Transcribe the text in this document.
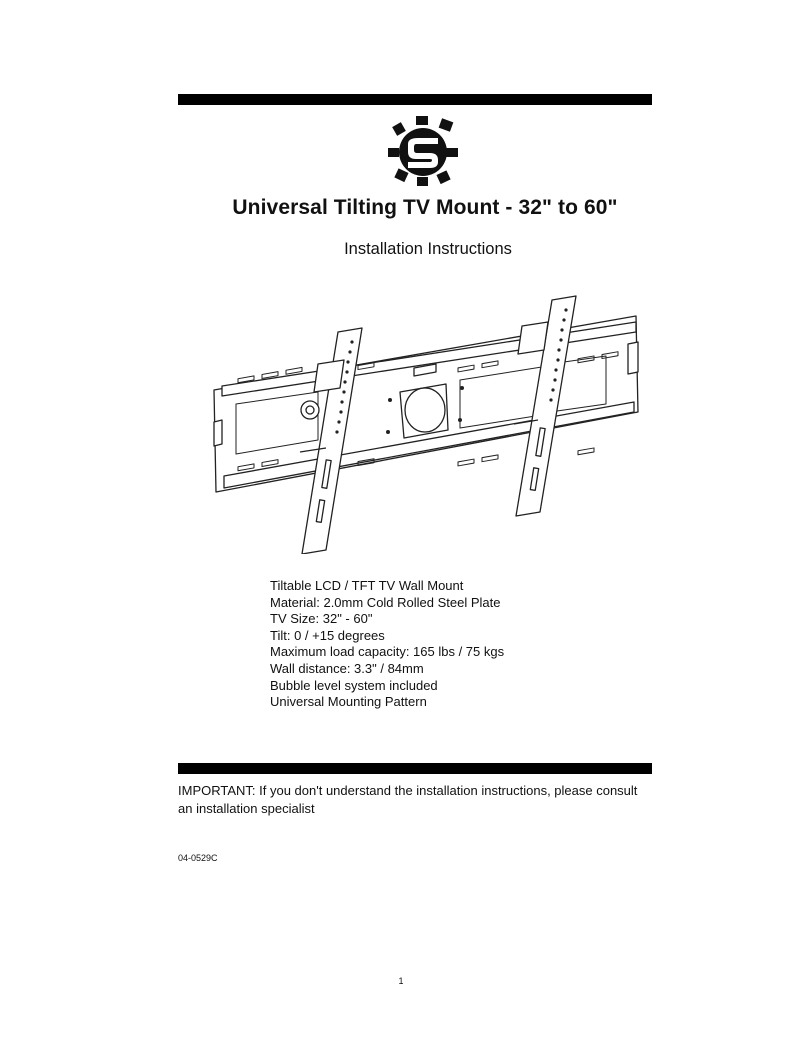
Universal Tilting TV Mount - 32" to 60"
Installation Instructions
Tiltable LCD / TFT TV Wall Mount
Material: 2.0mm Cold Rolled Steel Plate
TV Size: 32" - 60"
Tilt: 0 / +15 degrees
Maximum load capacity: 165 lbs / 75 kgs
Wall distance: 3.3" / 84mm
Bubble level system included
Universal Mounting Pattern

IMPORTANT: If you don't understand the installation instructions, please consult an installation specialist

04-0529C
1
